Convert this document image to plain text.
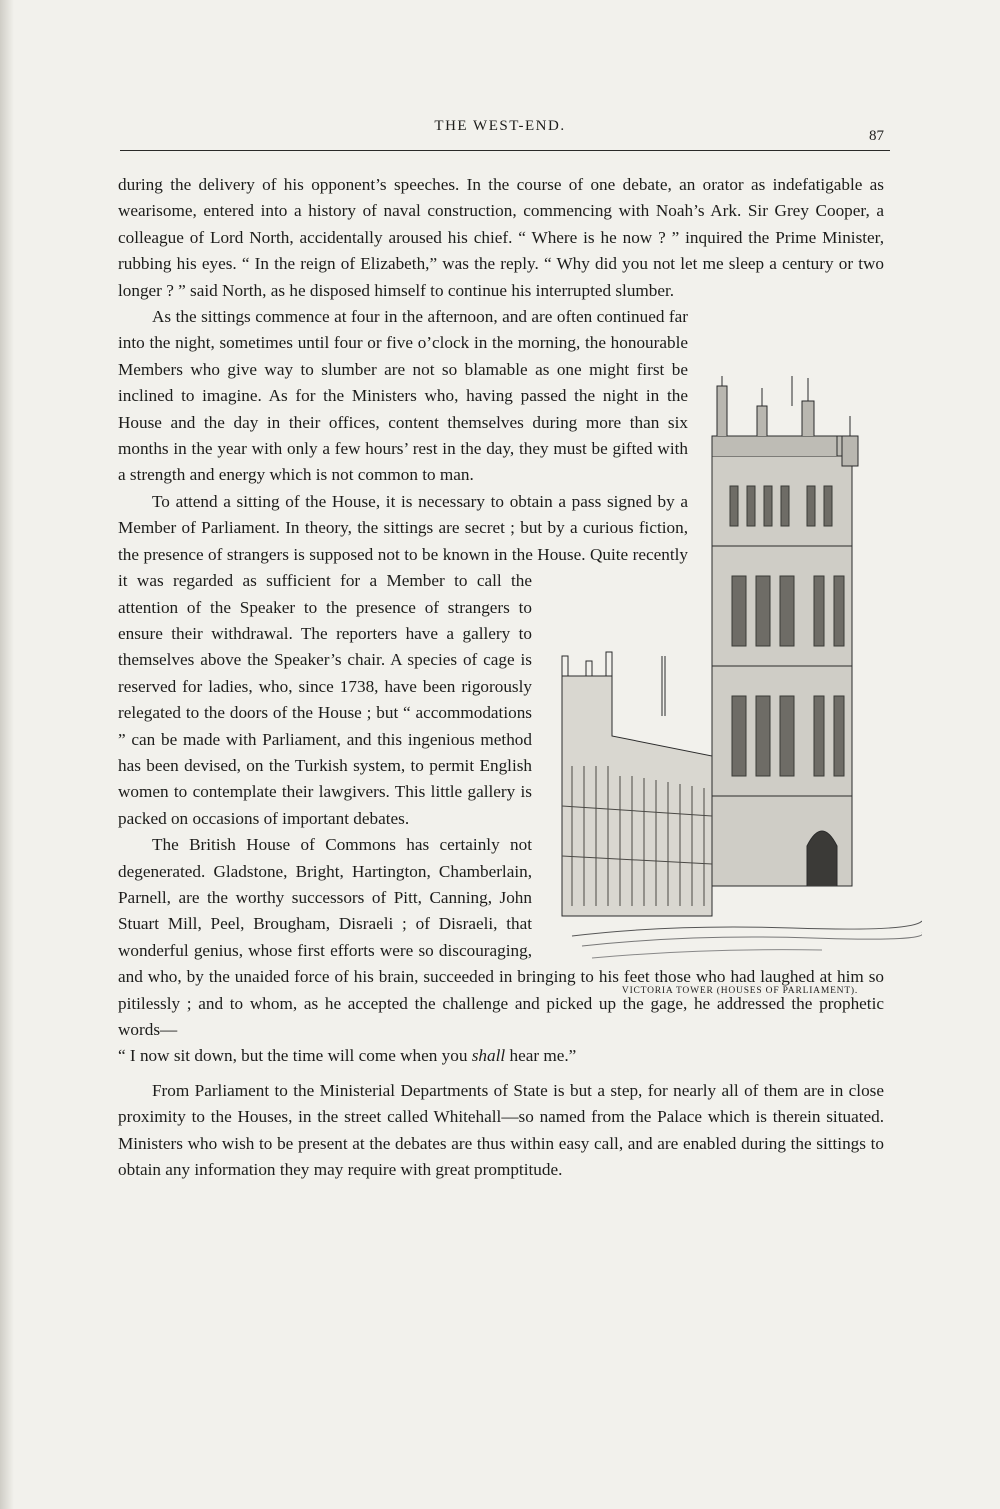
THE WEST-END.
87

during the delivery of his opponent’s speeches. In the course of one debate, an orator as indefatigable as wearisome, entered into a history of naval construction, commencing with Noah’s Ark. Sir Grey Cooper, a colleague of Lord North, accidentally aroused his chief. “ Where is he now ? ” inquired the Prime Minister, rubbing his eyes. “ In the reign of Elizabeth,” was the reply. “ Why did you not let me sleep a century or two longer ? ” said North, as he disposed himself to continue his interrupted slumber.

As the sittings commence at four in the afternoon, and are often continued far into the night, sometimes until four or five o’clock in the morning, the honourable Members who give way to slumber are not so blamable as one might first be inclined to imagine. As for the Ministers who, having passed the night in the House and the day in their offices, content themselves during more than six months in the year with only a few hours’ rest in the day, they must be gifted with a strength and energy which is not common to man.

To attend a sitting of the House, it is necessary to obtain a pass signed by a Member of Parliament. In theory, the sittings are secret ; but by a curious fiction, the presence of strangers is supposed not to be known in the House. Quite recently it was regarded as sufficient for a Member to call the attention of the Speaker to the presence of strangers to ensure their withdrawal. The reporters have a gallery to themselves above the Speaker’s chair. A species of cage is reserved for ladies, who, since 1738, have been rigorously relegated to the doors of the House ; but “ accommodations ” can be made with Parliament, and this ingenious method has been devised, on the Turkish system, to permit English women to contemplate their lawgivers. This little gallery is packed on occasions of important debates.

The British House of Commons has certainly not degenerated. Gladstone, Bright, Hartington, Chamberlain, Parnell, are the worthy successors of Pitt, Canning, John Stuart Mill, Peel, Brougham, Disraeli ; of Disraeli, that wonderful genius, whose first efforts were so discouraging, and who, by the unaided force of his brain, succeeded in bringing to his feet those who had laughed at him so pitilessly ; and to whom, as he accepted the challenge and picked up the gage, he addressed the prophetic words—
“ I now sit down, but the time will come when you shall hear me.”

From Parliament to the Ministerial Departments of State is but a step, for nearly all of them are in close proximity to the Houses, in the street called Whitehall—so named from the Palace which is therein situated. Ministers who wish to be present at the debates are thus within easy call, and are enabled during the sittings to obtain any information they may require with great promptitude.

VICTORIA TOWER (HOUSES OF PARLIAMENT).
